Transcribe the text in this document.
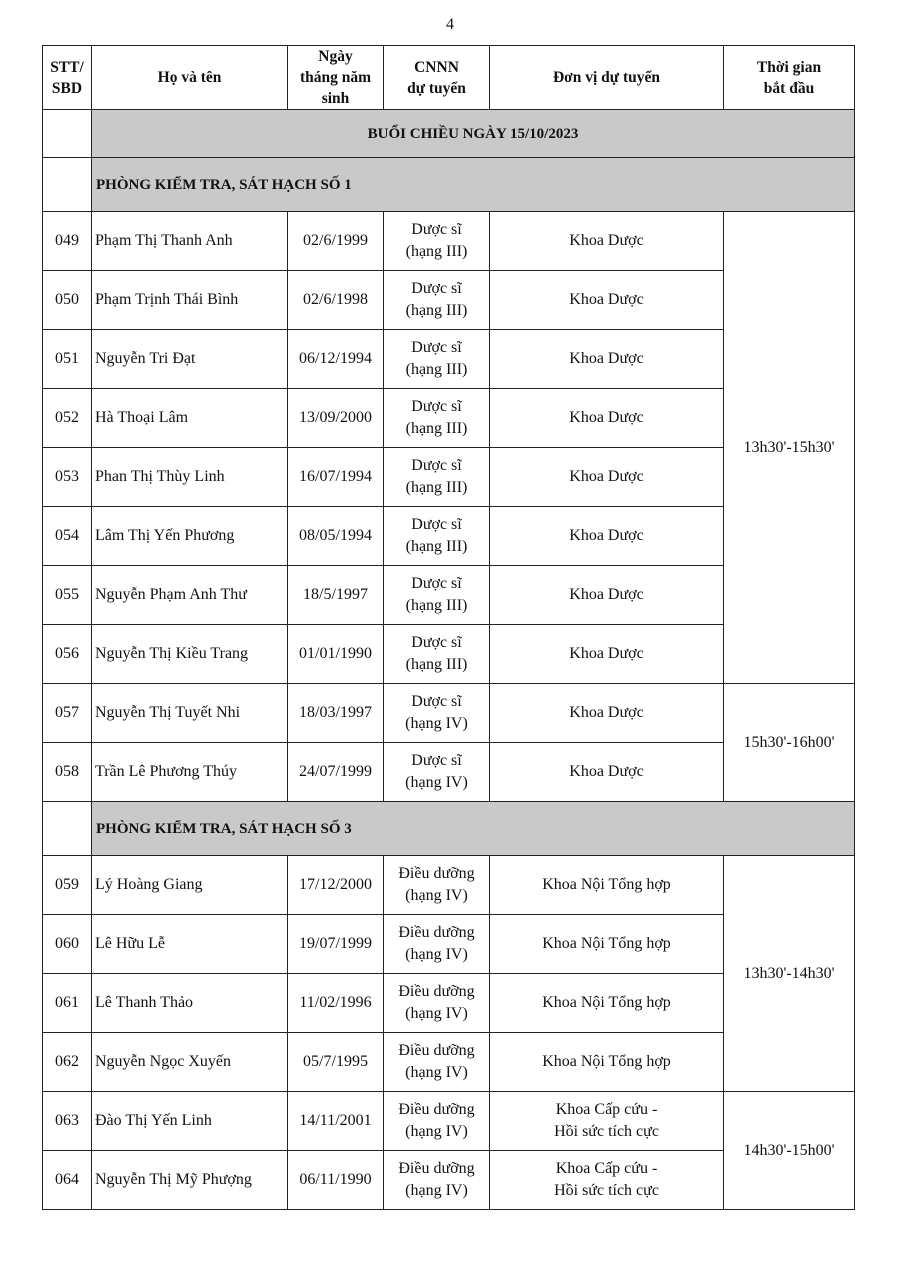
4
STT/
SBD	Họ và tên	Ngày
tháng năm
sinh	CNNN
dự tuyển	Đơn vị dự tuyển	Thời gian
bắt đầu

	BUỔI CHIỀU NGÀY 15/10/2023				
	PHÒNG KIỂM TRA, SÁT HẠCH SỐ 1				
049	Phạm Thị Thanh Anh	02/6/1999	Dược sĩ
(hạng III)	Khoa Dược	13h30'-15h30'
050	Phạm Trịnh Thái Bình	02/6/1998	Dược sĩ
(hạng III)	Khoa Dược	

051	Nguyễn Tri Đạt	06/12/1994	Dược sĩ
(hạng III)	Khoa Dược	

052	Hà Thoại Lâm	13/09/2000	Dược sĩ
(hạng III)	Khoa Dược	

053	Phan Thị Thùy Linh	16/07/1994	Dược sĩ
(hạng III)	Khoa Dược	

054	Lâm Thị Yến Phương	08/05/1994	Dược sĩ
(hạng III)	Khoa Dược	

055	Nguyễn Phạm Anh Thư	18/5/1997	Dược sĩ
(hạng III)	Khoa Dược	

056	Nguyễn Thị Kiều Trang	01/01/1990	Dược sĩ
(hạng III)	Khoa Dược	

057	Nguyễn Thị Tuyết Nhi	18/03/1997	Dược sĩ
(hạng IV)	Khoa Dược	15h30'-16h00'
058	Trần Lê Phương Thúy	24/07/1999	Dược sĩ
(hạng IV)	Khoa Dược	

	PHÒNG KIỂM TRA, SÁT HẠCH SỐ 3				
059	Lý Hoàng Giang	17/12/2000	Điều dưỡng
(hạng IV)	Khoa Nội Tổng hợp	13h30'-14h30'
060	Lê Hữu Lễ	19/07/1999	Điều dưỡng
(hạng IV)	Khoa Nội Tổng hợp	

061	Lê Thanh Thảo	11/02/1996	Điều dưỡng
(hạng IV)	Khoa Nội Tổng hợp	

062	Nguyễn Ngọc Xuyến	05/7/1995	Điều dưỡng
(hạng IV)	Khoa Nội Tổng hợp	

063	Đào Thị Yến Linh	14/11/2001	Điều dưỡng
(hạng IV)	Khoa Cấp cứu -
Hồi sức tích cực	14h30'-15h00'
064	Nguyễn Thị Mỹ Phượng	06/11/1990	Điều dưỡng
(hạng IV)	Khoa Cấp cứu -
Hồi sức tích cực	
